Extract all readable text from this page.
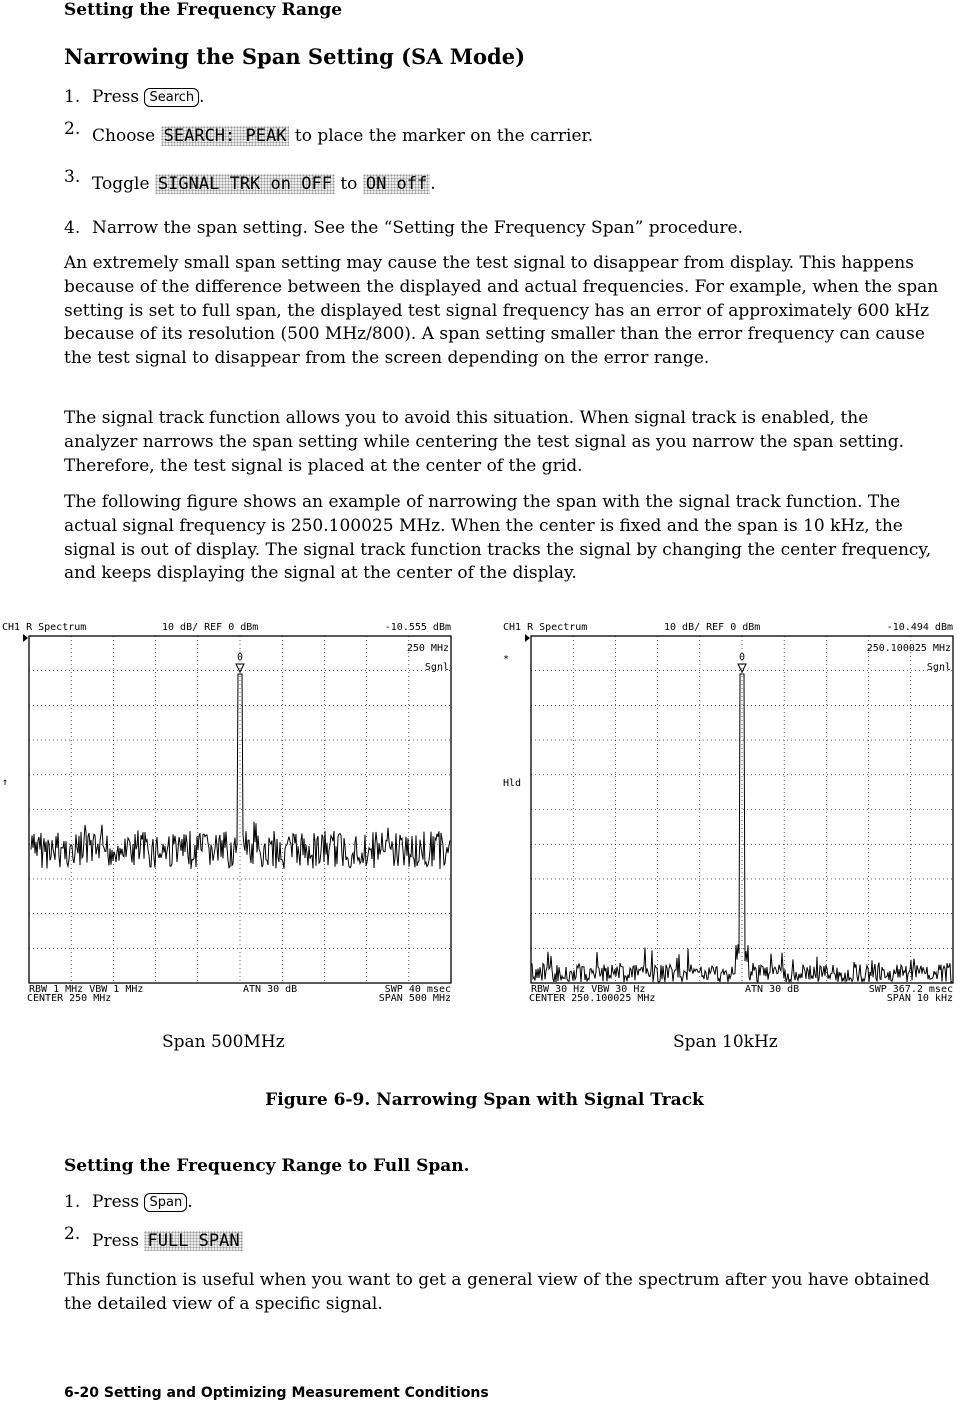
Setting the Frequency Range
Narrowing the Span Setting (SA Mode)
1. Press Search .
2. Choose SEARCH: PEAK to place the marker on the carrier.
3. Toggle SIGNAL TRK on OFF to ON off .
4. Narrow the span setting. See the “Setting the Frequency Span” procedure.
An extremely small span setting may cause the test signal to disappear from display. This happens because of the difference between the displayed and actual frequencies. For example, when the span setting is set to full span, the displayed test signal frequency has an error of approximately 600 kHz because of its resolution (500 MHz/800). A span setting smaller than the error frequency can cause the test signal to disappear from the screen depending on the error range.
The signal track function allows you to avoid this situation. When signal track is enabled, the analyzer narrows the span setting while centering the test signal as you narrow the span setting. Therefore, the test signal is placed at the center of the grid.
The following figure shows an example of narrowing the span with the signal track function. The actual signal frequency is 250.100025 MHz. When the center is fixed and the span is 10 kHz, the signal is out of display. The signal track function tracks the signal by changing the center frequency, and keeps displaying the signal at the center of the display.
CH1 R Spectrum	10 dB/ REF 0 dBm	-10.555 dBm
↑
250 MHz
Sgnl
0
RBW 1 MHz VBW 1 MHz	ATN 30 dB	SWP 40 msec
CENTER 250 MHz	SPAN 500 MHz
CH1 R Spectrum	10 dB/ REF 0 dBm	-10.494 dBm
*
Hld
250.100025 MHz
Sgnl
0
RBW 30 Hz VBW 30 Hz	ATN 30 dB	SWP 367.2 msec
CENTER 250.100025 MHz	SPAN 10 kHz
Span 500MHz	Span 10kHz
Figure 6-9. Narrowing Span with Signal Track
Setting the Frequency Range to Full Span.
1. Press Span .
2. Press FULL SPAN
This function is useful when you want to get a general view of the spectrum after you have obtained the detailed view of a specific signal.
6-20 Setting and Optimizing Measurement Conditions
